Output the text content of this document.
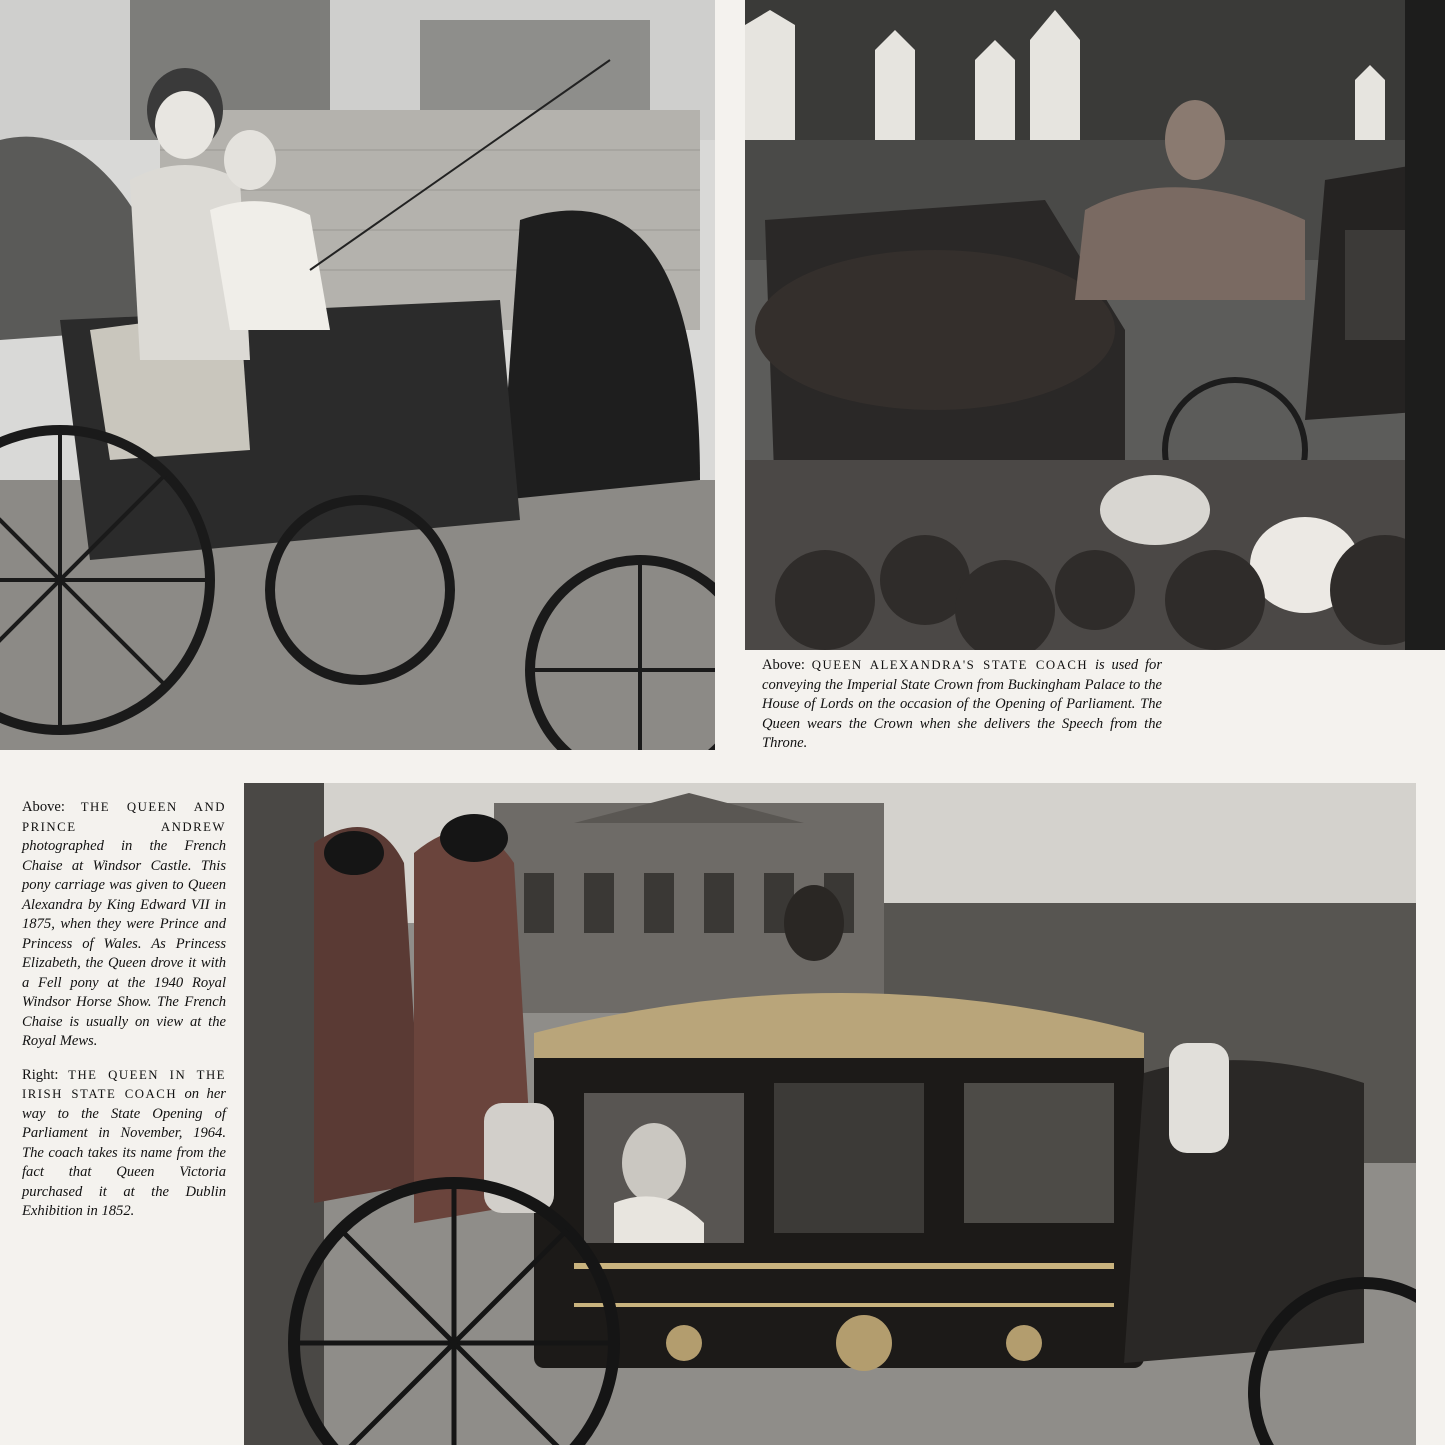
Above: QUEEN ALEXANDRA'S STATE COACH is used for conveying the Imperial State Crown from Buckingham Palace to the House of Lords on the occasion of the Opening of Parliament. The Queen wears the Crown when she delivers the Speech from the Throne.

Above: THE QUEEN AND PRINCE ANDREW photographed in the French Chaise at Windsor Castle. This pony carriage was given to Queen Alexandra by King Edward VII in 1875, when they were Prince and Princess of Wales. As Princess Elizabeth, the Queen drove it with a Fell pony at the 1940 Royal Windsor Horse Show. The French Chaise is usually on view at the Royal Mews.

Right: THE QUEEN IN THE IRISH STATE COACH on her way to the State Opening of Parliament in November, 1964. The coach takes its name from the fact that Queen Victoria purchased it at the Dublin Exhibition in 1852.
